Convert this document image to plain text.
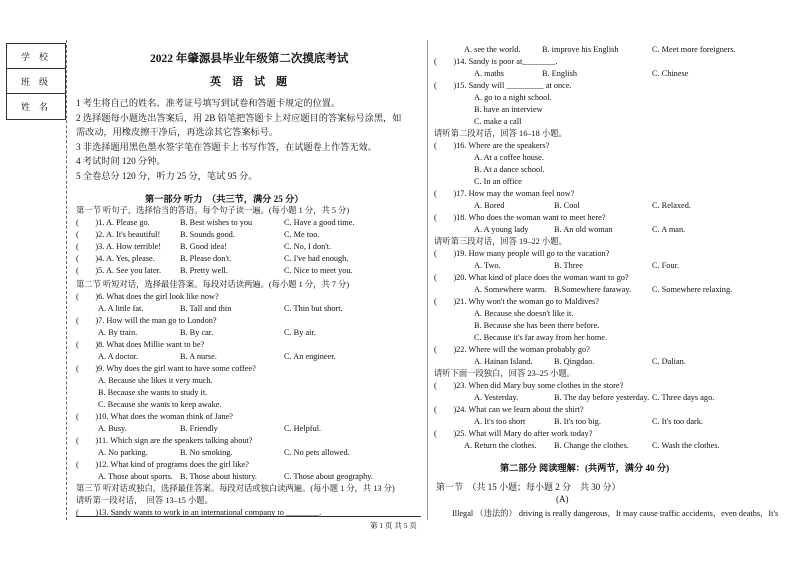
学　校
班　级
姓　名
2022 年肇源县毕业年级第二次摸底考试
英　语　试　题
1 考生将自己的姓名、准考证号填写到试卷和答题卡规定的位置。
2 选择题每小题选出答案后，用 2B 铅笔把答题卡上对应题目的答案标号涂黑，如
需改动，用橡皮擦干净后，再选涂其它答案标号。
3 非选择题用黑色墨水签字笔在答题卡上书写作答，在试题卷上作答无效。
4 考试时间 120 分钟。
5 全卷总分 120 分，听力 25 分，笔试 95 分。
第一部分 听力　（共三节，满分 25 分）
第一节 听句子，选择恰当的答语。每个句子读一遍。(每小题 1 分，共 5 分)
(　　)1. A. Please go.	B. Best wishes to you	C. Have a good time.
(　　)2. A. It's beautiful! B. Sounds good.	C. Me too.
(　　)3. A. How terrible! B. Good idea!	C. No, I don't.
(　　)4. A. Yes, please.	B. Please don't.	C. I've had enough.
(　　)5. A. See you later. B. Pretty well.	C. Nice to meet you.
第二节 听短对话，选择最佳答案。每段对话读两遍。(每小题 1 分，共 7 分)
(　　)6. What does the girl look like now?
A. A little fat.	B. Tall and thin	C. Thin but short.
(　　)7. How will the man go to London?
A. By train.	B. By car.	C. By air.
(　　)8. What does Millie want to be?
A. A doctor.	B. A nurse.	C. An engineer.
(　　)9. Why does the girl want to have some coffee?
A. Because she likes it very much.
B. Because she wants to study it.
C. Because she wants to keep awake.
(　　)10. What does the woman think of Jane?
A. Busy.	B. Friendly	C. Helpful.
(　　)11. Which sign are the speakers talking about?
A. No parking.	B. No smoking.	C. No pets allowed.
(　　)12. What kind of programs does the girl like?
A. Those about sports. B. Those about history.	C. Those about geography.
第三节 听对话或独白，选择最佳答案。每段对话或独白读两遍。(每小题 1 分，共 13 分)
请听第一段对话，　回答 13–15 小题。
(　　)13. Sandy wants to work in an international company to ________.
A. see the world.	B. improve his English	C. Meet more foreigners.
(　　)14. Sandy is poor at________.
A. maths	B. English	C. Chinese
(　　)15. Sandy will _________ at once.
A. go to a night school.
B. have an interview
C. make a call
请听第二段对话，回答 16–18 小题。
(　　)16. Where are the speakers?
A. At a coffee house.
B. At a dance school.
C. In an office
(　　)17. How may the woman feel now?
A. Bored	B. Cool	C. Relaxed.
(　　)18. Who does the woman want to meet here?
A. A young lady	B. An old woman	C. A man.
请听第三段对话，回答 19–22 小题。
(　　)19. How many people will go to the vacation?
A. Two.	B. Three	C. Four.
(　　)20. What kind of place does the woman want to go?
A. Somewhere warm. B.Somewhere faraway.	C. Somewhere relaxing.
(　　)21. Why won't the woman go to Maldives?
A. Because she doesn't like it.
B. Because she has been there before.
C. Because it's far away from her home.
(　　)22. Where will the woman probably go?
A. Hainan Island.	B. Qingdao.	C. Dalian.
请听下面一段独白，回答 23–25 小题。
(　　)23. When did Mary buy some clothes in the store?
A. Yesterday.	B. The day before yesterday. C. Three days ago.
(　　)24. What can we learn about the shirt?
A. It's too short	B. It's too big.	C. It's too dark.
(　　)25. What will Mary do after work today?
A. Return the clothes. B. Change the clothes.	C. Wash the clothes.
第二部分 阅读理解：(共两节，满分 40 分)
第一节　（共 15 小题；每小题 2 分　共 30 分）
(A)
Illegal （违法的） driving is really dangerous，It may cause traffic accidents，even deaths，It's
第 1 页 共 5 页
